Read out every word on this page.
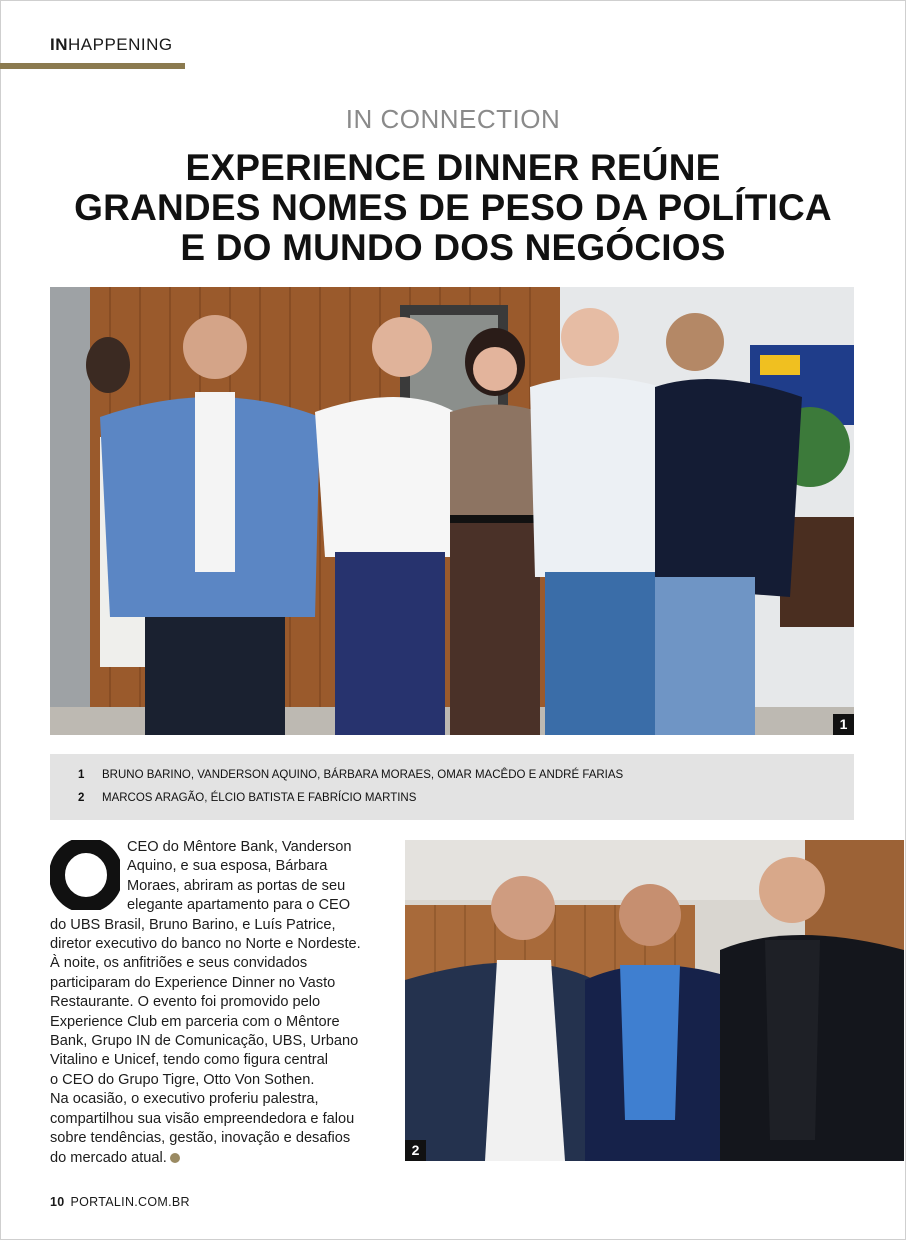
INHAPPENING
IN CONNECTION
EXPERIENCE DINNER REÚNE
GRANDES NOMES DE PESO DA POLÍTICA
E DO MUNDO DOS NEGÓCIOS
1
1 BRUNO BARINO, VANDERSON AQUINO, BÁRBARA MORAES, OMAR MACÊDO E ANDRÉ FARIAS
2 MARCOS ARAGÃO, ÉLCIO BATISTA E FABRÍCIO MARTINS
CEO do Mêntore Bank, Vanderson
Aquino, e sua esposa, Bárbara
Moraes, abriram as portas de seu
elegante apartamento para o CEO
do UBS Brasil, Bruno Barino, e Luís Patrice,
diretor executivo do banco no Norte e Nordeste.
À noite, os anfitriões e seus convidados
participaram do Experience Dinner no Vasto
Restaurante. O evento foi promovido pelo
Experience Club em parceria com o Mêntore
Bank, Grupo IN de Comunicação, UBS, Urbano
Vitalino e Unicef, tendo como figura central
o CEO do Grupo Tigre, Otto Von Sothen.
Na ocasião, o executivo proferiu palestra,
compartilhou sua visão empreendedora e falou
sobre tendências, gestão, inovação e desafios
do mercado atual.	2
10 PORTALIN.COM.BR
